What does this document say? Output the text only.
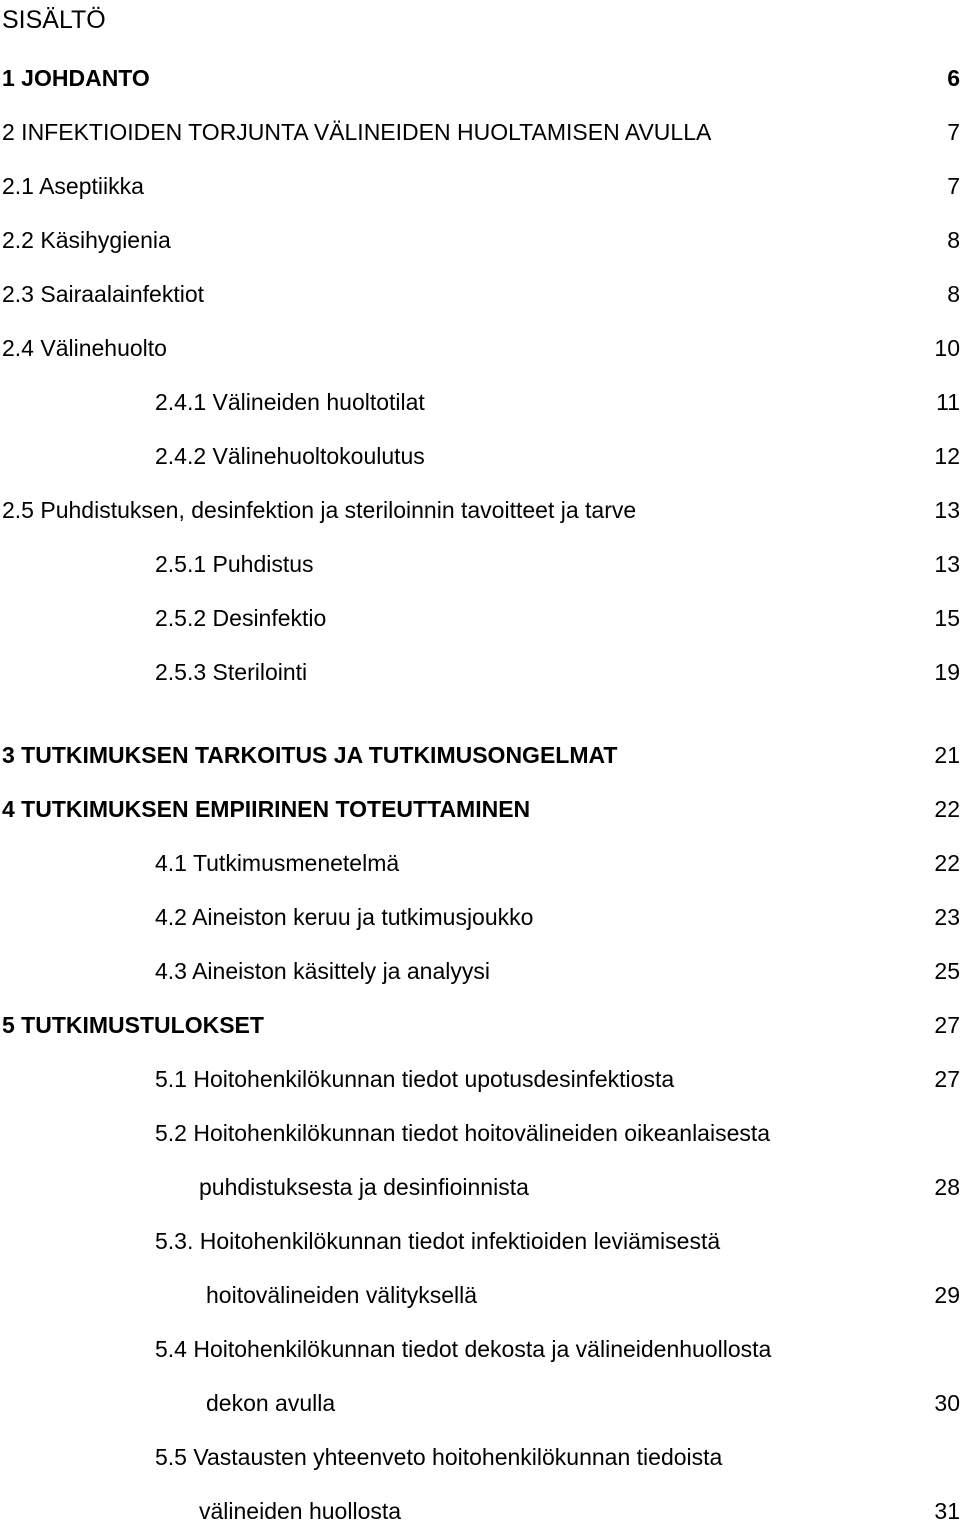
SISÄLTÖ
1 JOHDANTO	6
2 INFEKTIOIDEN TORJUNTA VÄLINEIDEN HUOLTAMISEN AVULLA	7
2.1 Aseptiikka	7
2.2 Käsihygienia	8
2.3 Sairaalainfektiot	8
2.4 Välinehuolto	10
2.4.1 Välineiden huoltotilat	11
2.4.2 Välinehuoltokoulutus	12
2.5 Puhdistuksen, desinfektion ja steriloinnin tavoitteet ja tarve	13
2.5.1 Puhdistus	13
2.5.2 Desinfektio	15
2.5.3 Sterilointi	19
3 TUTKIMUKSEN TARKOITUS JA TUTKIMUSONGELMAT	21
4 TUTKIMUKSEN EMPIIRINEN TOTEUTTAMINEN	22
4.1 Tutkimusmenetelmä	22
4.2 Aineiston keruu ja tutkimusjoukko	23
4.3 Aineiston käsittely ja analyysi	25
5 TUTKIMUSTULOKSET	27
5.1 Hoitohenkilökunnan tiedot upotusdesinfektiosta	27
5.2 Hoitohenkilökunnan tiedot hoitovälineiden oikeanlaisesta
puhdistuksesta ja desinfioinnista	28
5.3. Hoitohenkilökunnan tiedot infektioiden leviämisestä
hoitovälineiden välityksellä	29
5.4 Hoitohenkilökunnan tiedot dekosta ja välineidenhuollosta
dekon avulla	30
5.5 Vastausten yhteenveto hoitohenkilökunnan tiedoista
välineiden huollosta	31
